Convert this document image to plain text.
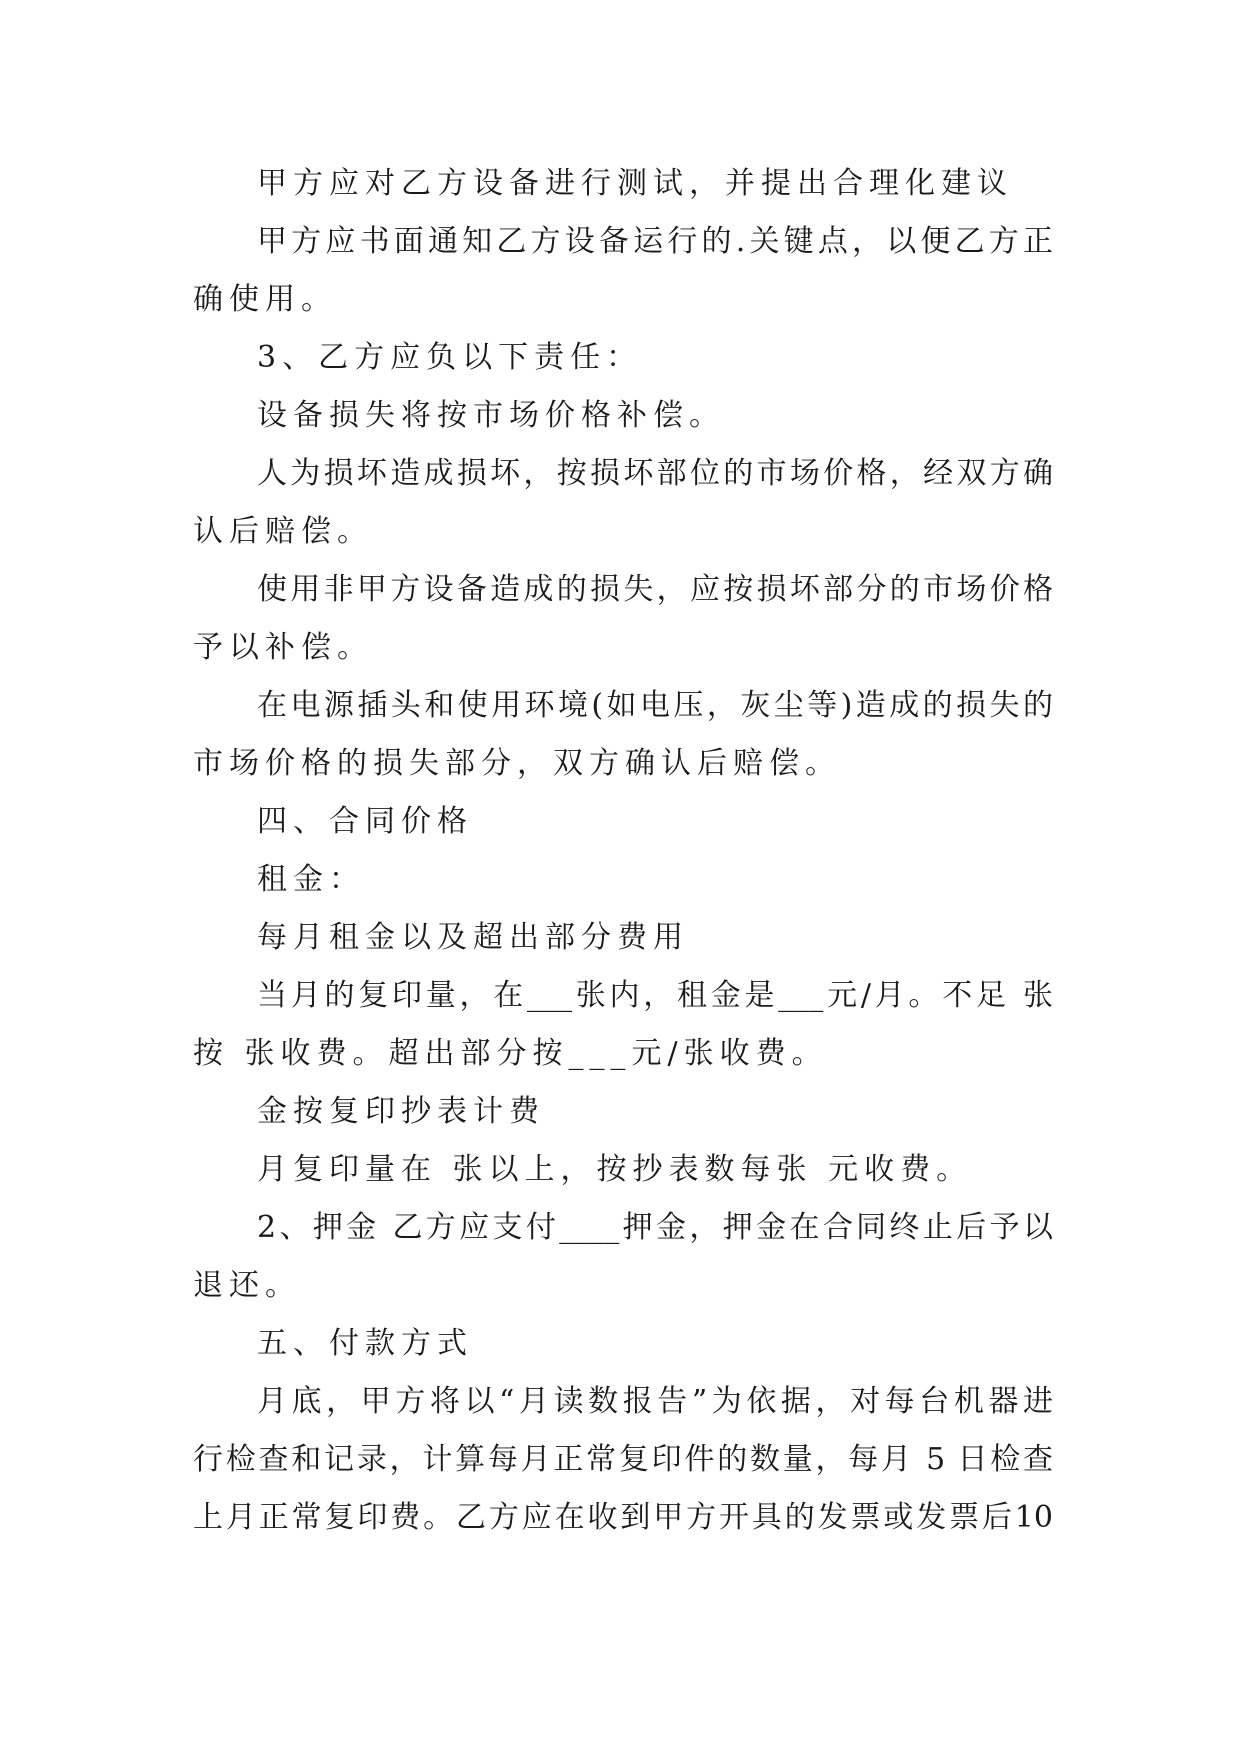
甲方应对乙方设备进行测试，并提出合理化建议
甲方应书面通知乙方设备运行的.关键点，以便乙方正
确使用。
3、乙方应负以下责任：
设备损失将按市场价格补偿。
人为损坏造成损坏，按损坏部位的市场价格，经双方确
认后赔偿。
使用非甲方设备造成的损失，应按损坏部分的市场价格
予以补偿。
在电源插头和使用环境(如电压，灰尘等)造成的损失的
市场价格的损失部分，双方确认后赔偿。
四、合同价格
租金：
每月租金以及超出部分费用
当月的复印量，在___张内，租金是___元/月。不足 张
按 张收费。超出部分按___元/张收费。
金按复印抄表计费
月复印量在 张以上，按抄表数每张 元收费。
2、押金 乙方应支付____押金，押金在合同终止后予以
退还。
五、付款方式
月底，甲方将以“月读数报告”为依据，对每台机器进
行检查和记录，计算每月正常复印件的数量，每月 5 日检查
上月正常复印费。乙方应在收到甲方开具的发票或发票后10
